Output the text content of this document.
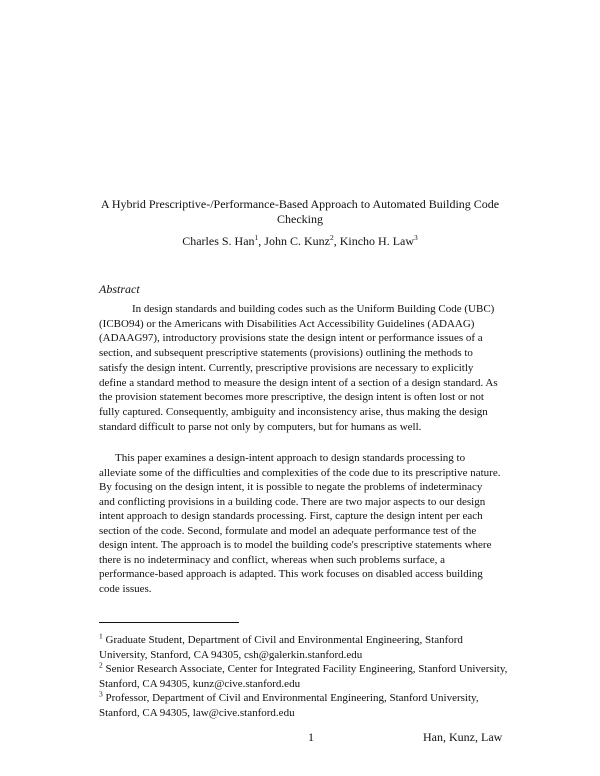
A Hybrid Prescriptive-/Performance-Based Approach to Automated Building Code Checking
Charles S. Han$^1$, John C. Kunz$^2$, Kincho H. Law$^3$
Abstract
In design standards and building codes such as the Uniform Building Code (UBC) (ICBO94) or the Americans with Disabilities Act Accessibility Guidelines (ADAAG) (ADAAG97), introductory provisions state the design intent or performance issues of a section, and subsequent prescriptive statements (provisions) outlining the methods to satisfy the design intent. Currently, prescriptive provisions are necessary to explicitly define a standard method to measure the design intent of a section of a design standard. As the provision statement becomes more prescriptive, the design intent is often lost or not fully captured. Consequently, ambiguity and inconsistency arise, thus making the design standard difficult to parse not only by computers, but for humans as well.
This paper examines a design-intent approach to design standards processing to alleviate some of the difficulties and complexities of the code due to its prescriptive nature. By focusing on the design intent, it is possible to negate the problems of indeterminacy and conflicting provisions in a building code. There are two major aspects to our design intent approach to design standards processing. First, capture the design intent per each section of the code. Second, formulate and model an adequate performance test of the design intent. The approach is to model the building code's prescriptive statements where there is no indeterminacy and conflict, whereas when such problems surface, a performance-based approach is adapted. This work focuses on disabled access building code issues.
$^1$ Graduate Student, Department of Civil and Environmental Engineering, Stanford University, Stanford, CA 94305, csh@galerkin.stanford.edu
$^2$ Senior Research Associate, Center for Integrated Facility Engineering, Stanford University, Stanford, CA 94305, kunz@cive.stanford.edu
$^3$ Professor, Department of Civil and Environmental Engineering, Stanford University, Stanford, CA 94305, law@cive.stanford.edu
1	Han, Kunz, Law
